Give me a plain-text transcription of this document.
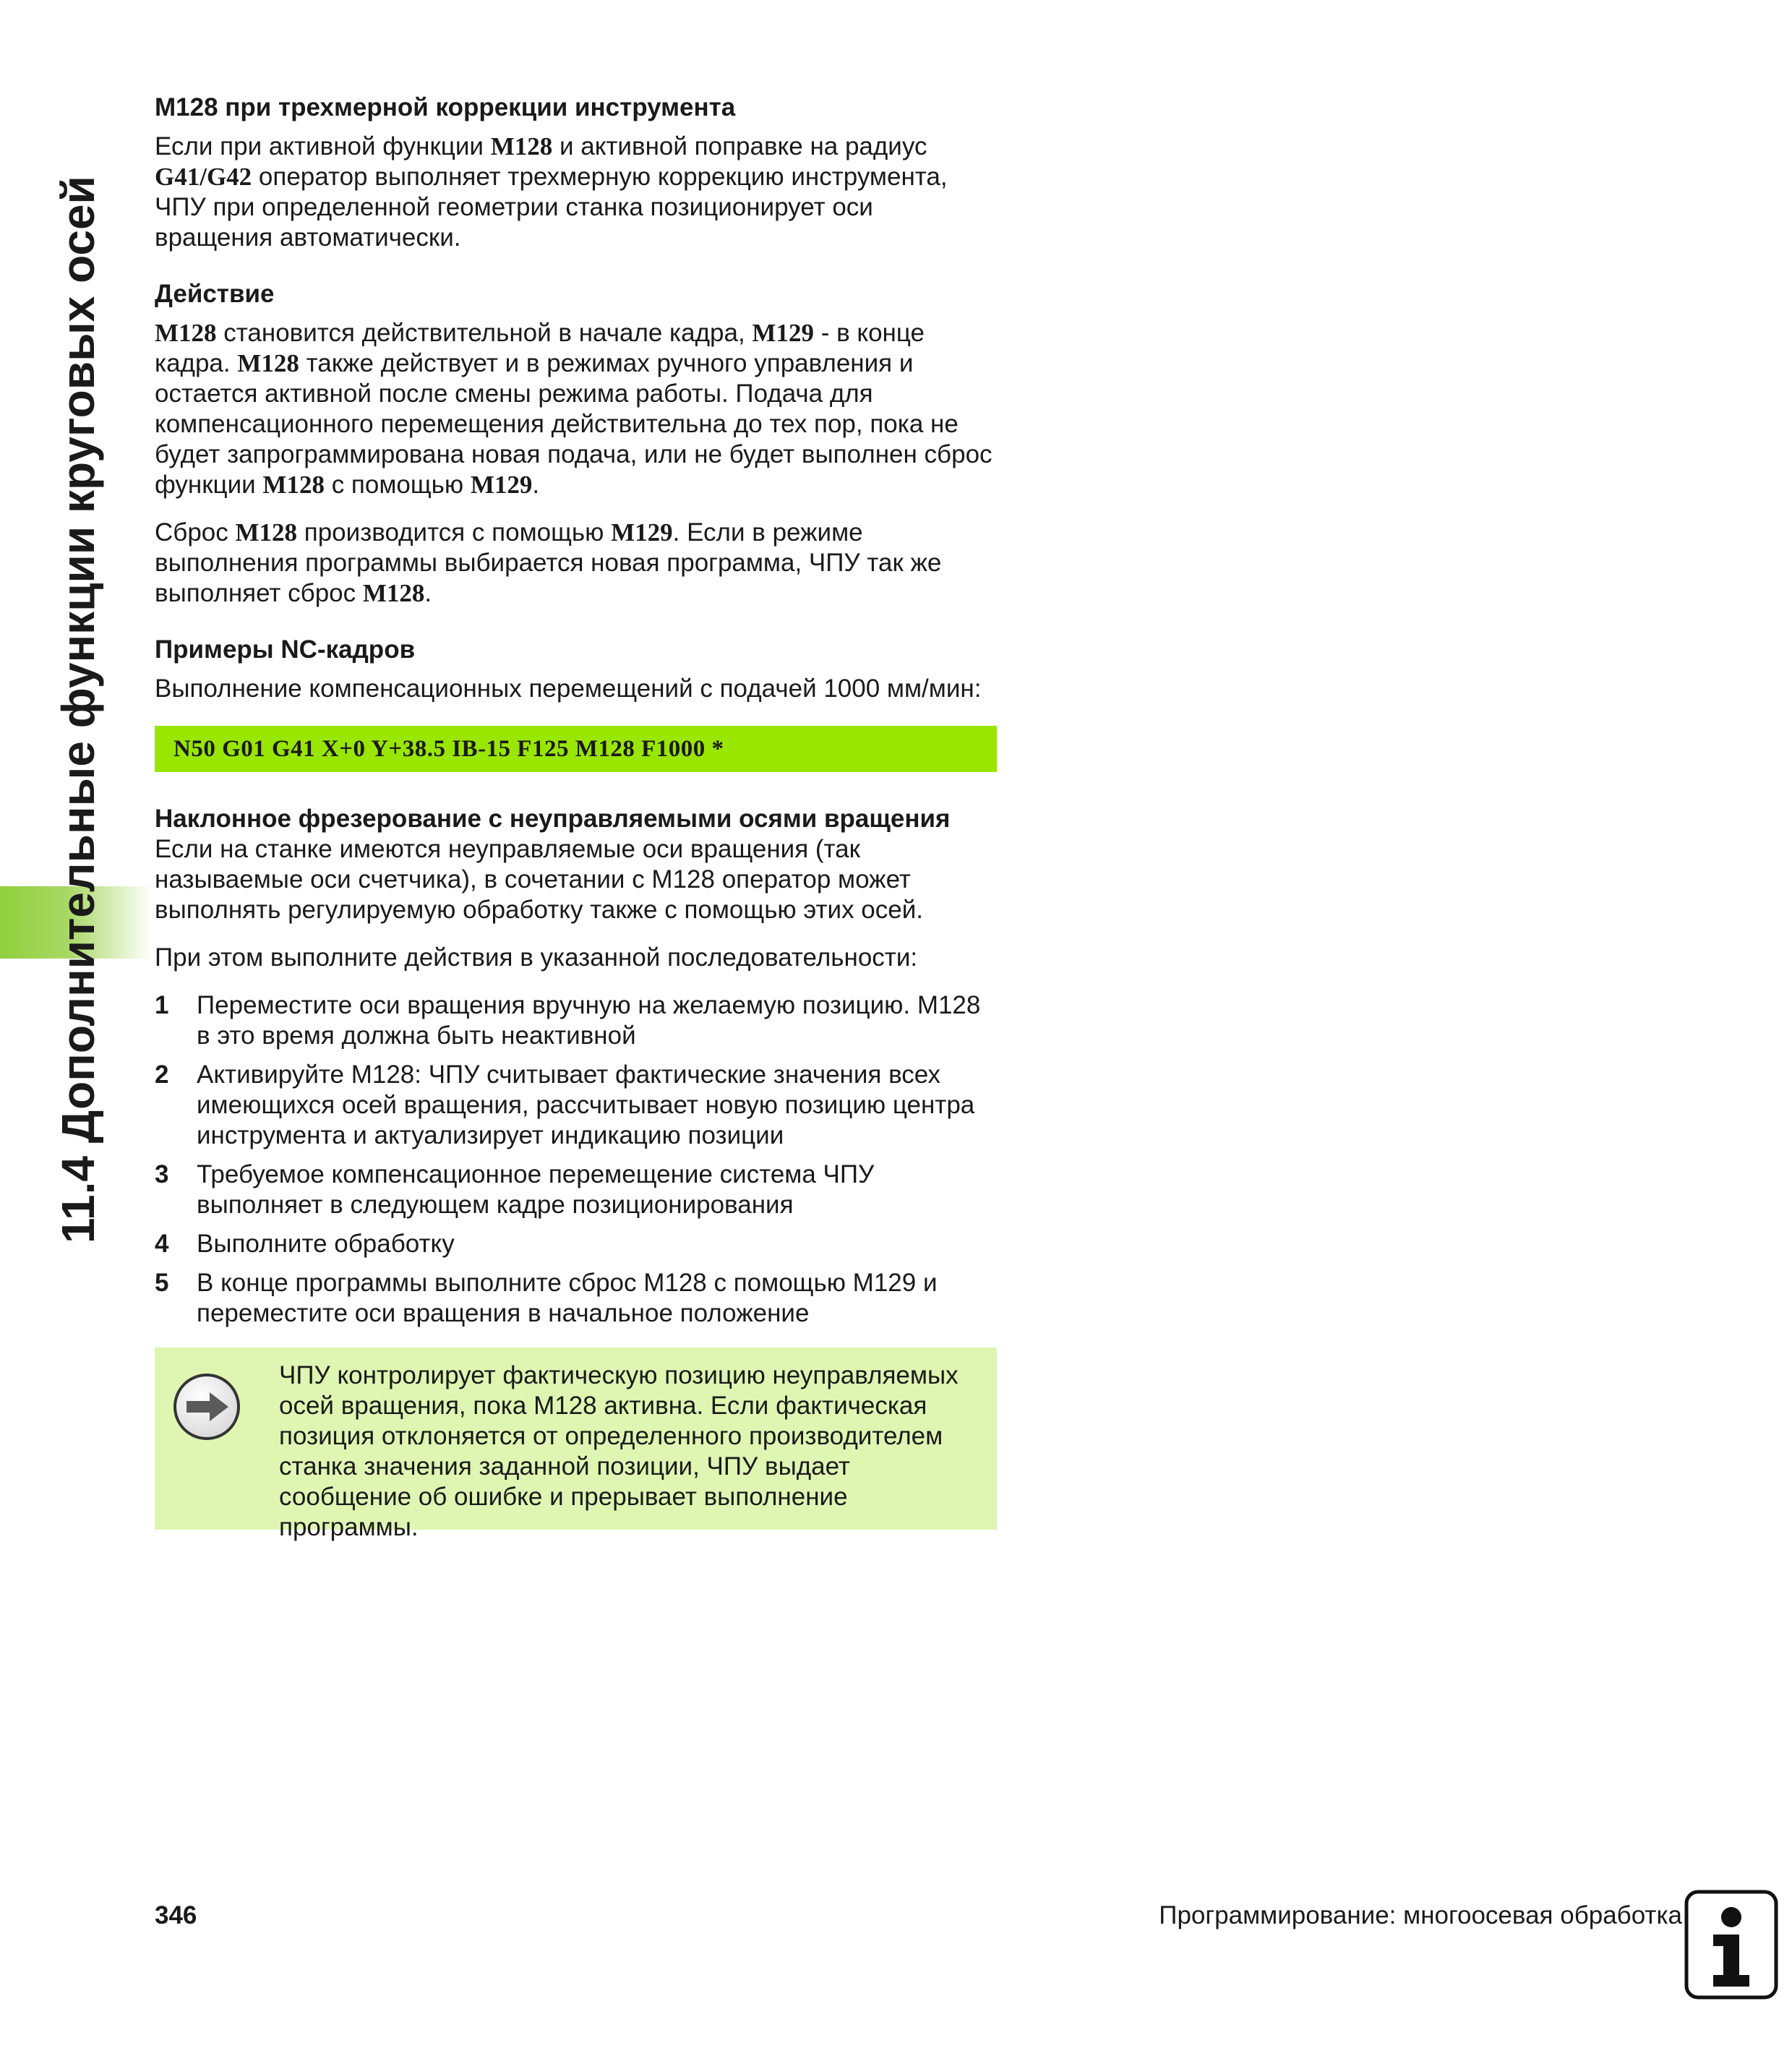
11.4 Дополнительные функции круговых осей

M128 при трехмерной коррекции инструмента

Если при активной функции M128 и активной поправке на радиус G41/G42 оператор выполняет трехмерную коррекцию инструмента, ЧПУ при определенной геометрии станка позиционирует оси вращения автоматически.

Действие

M128 становится действительной в начале кадра, M129 - в конце кадра. M128 также действует и в режимах ручного управления и остается активной после смены режима работы. Подача для компенсационного перемещения действительна до тех пор, пока не будет запрограммирована новая подача, или не будет выполнен сброс функции M128 с помощью M129.

Сброс M128 производится с помощью M129. Если в режиме выполнения программы выбирается новая программа, ЧПУ так же выполняет сброс M128.

Примеры NC-кадров

Выполнение компенсационных перемещений с подачей 1000 мм/мин:

N50 G01 G41 X+0 Y+38.5 IB-15 F125 M128 F1000 *

Наклонное фрезерование с неуправляемыми осями вращения

Если на станке имеются неуправляемые оси вращения (так называемые оси счетчика), в сочетании с M128 оператор может выполнять регулируемую обработку также с помощью этих осей.

При этом выполните действия в указанной последовательности:

1 Переместите оси вращения вручную на желаемую позицию. M128 в это время должна быть неактивной
2 Активируйте M128: ЧПУ считывает фактические значения всех имеющихся осей вращения, рассчитывает новую позицию центра инструмента и актуализирует индикацию позиции
3 Требуемое компенсационное перемещение система ЧПУ выполняет в следующем кадре позиционирования
4 Выполните обработку
5 В конце программы выполните сброс M128 с помощью M129 и переместите оси вращения в начальное положение
ЧПУ контролирует фактическую позицию неуправляемых осей вращения, пока M128 активна. Если фактическая позиция отклоняется от определенного производителем станка значения заданной позиции, ЧПУ выдает сообщение об ошибке и прерывает выполнение программы.
346	Программирование: многоосевая обработка
